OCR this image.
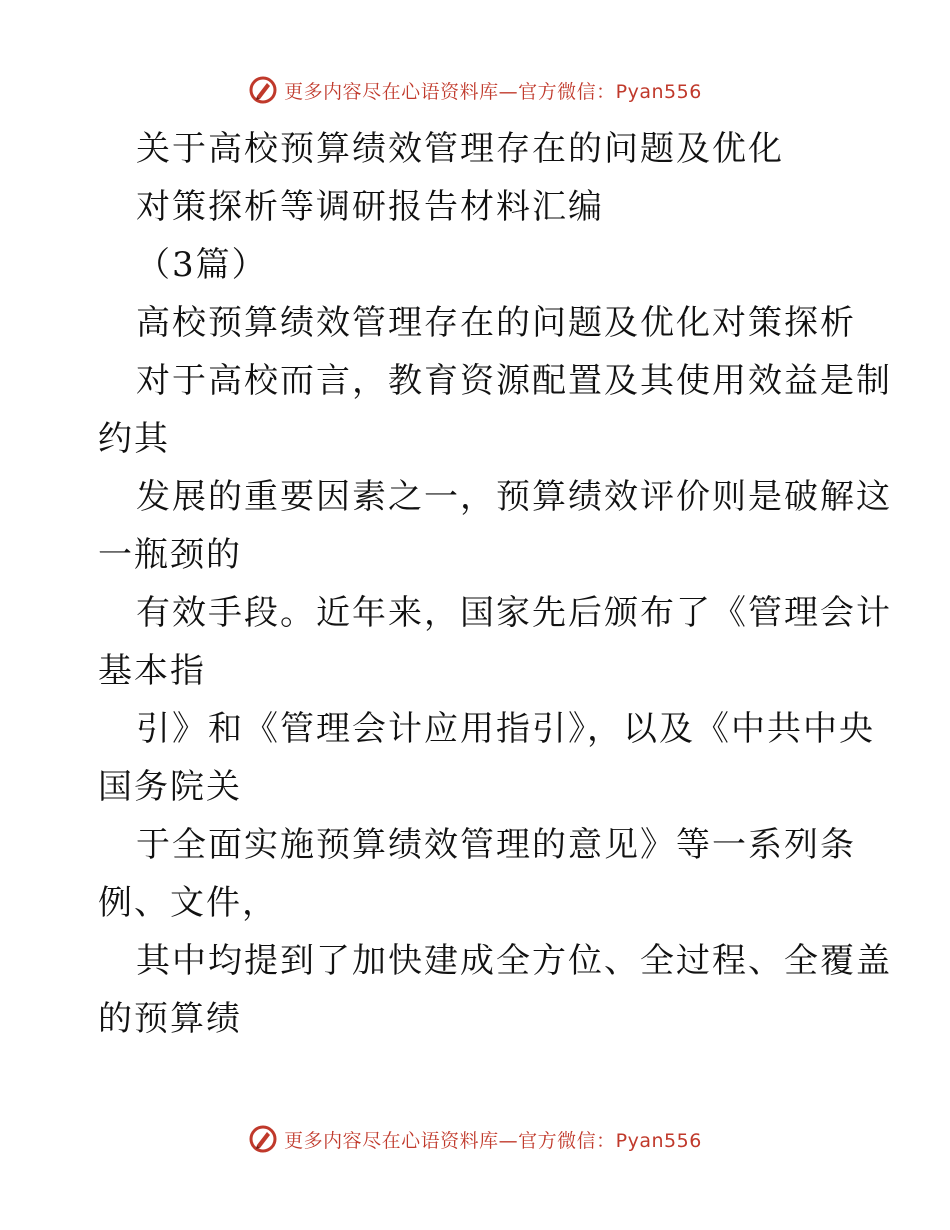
更多内容尽在心语资料库—官方微信：Pyan556
关于高校预算绩效管理存在的问题及优化
对策探析等调研报告材料汇编
（3篇）
高校预算绩效管理存在的问题及优化对策探析
对于高校而言，教育资源配置及其使用效益是制
约其
发展的重要因素之一，预算绩效评价则是破解这
一瓶颈的
有效手段。近年来，国家先后颁布了《管理会计
基本指
引》和《管理会计应用指引》，以及《中共中央
国务院关
于全面实施预算绩效管理的意见》等一系列条
例、文件，
其中均提到了加快建成全方位、全过程、全覆盖
的预算绩
更多内容尽在心语资料库—官方微信：Pyan556
